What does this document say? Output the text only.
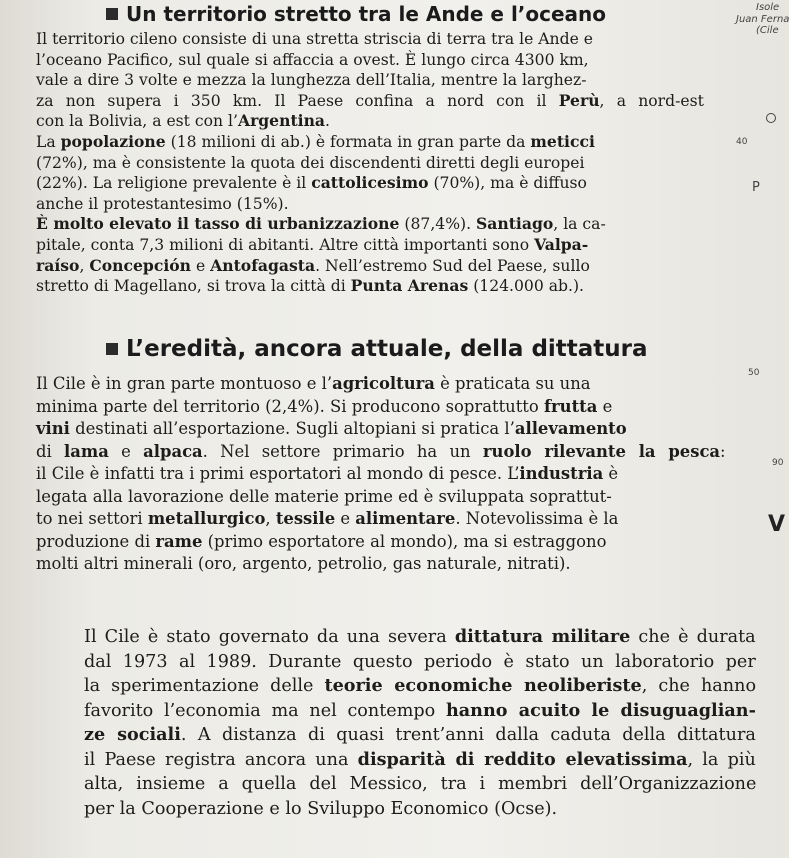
Un territorio stretto tra le Ande e l’oceano
Il territorio cileno consiste di una stretta striscia di terra tra le Ande e
l’oceano Pacifico, sul quale si affaccia a ovest. È lungo circa 4300 km,
vale a dire 3 volte e mezza la lunghezza dell’Italia, mentre la larghez-
za non supera i 350 km. Il Paese confina a nord con il Perù, a nord-est
con la Bolivia, a est con l’Argentina.
La popolazione (18 milioni di ab.) è formata in gran parte da meticci
(72%), ma è consistente la quota dei discendenti diretti degli europei
(22%). La religione prevalente è il cattolicesimo (70%), ma è diffuso
anche il protestantesimo (15%).
È molto elevato il tasso di urbanizzazione (87,4%). Santiago, la ca-
pitale, conta 7,3 milioni di abitanti. Altre città importanti sono Valpa-
raíso, Concepción e Antofagasta. Nell’estremo Sud del Paese, sullo
stretto di Magellano, si trova la città di Punta Arenas (124.000 ab.).
L’eredità, ancora attuale, della dittatura
Il Cile è in gran parte montuoso e l’agricoltura è praticata su una
minima parte del territorio (2,4%). Si producono soprattutto frutta e
vini destinati all’esportazione. Sugli altopiani si pratica l’allevamento
di lama e alpaca. Nel settore primario ha un ruolo rilevante la pesca:
il Cile è infatti tra i primi esportatori al mondo di pesce. L’industria è
legata alla lavorazione delle materie prime ed è sviluppata soprattut-
to nei settori metallurgico, tessile e alimentare. Notevolissima è la
produzione di rame (primo esportatore al mondo), ma si estraggono
molti altri minerali (oro, argento, petrolio, gas naturale, nitrati).
Il Cile è stato governato da una severa dittatura militare che è durata
dal 1973 al 1989. Durante questo periodo è stato un laboratorio per
la sperimentazione delle teorie economiche neoliberiste, che hanno
favorito l’economia ma nel contempo hanno acuito le disuguaglian-
ze sociali. A distanza di quasi trent’anni dalla caduta della dittatura
il Paese registra ancora una disparità di reddito elevatissima, la più
alta, insieme a quella del Messico, tra i membri dell’Organizzazione
per la Cooperazione e lo Sviluppo Economico (Ocse).
Isole
Juan Ferna
(Cile
40
P
50
90
V
